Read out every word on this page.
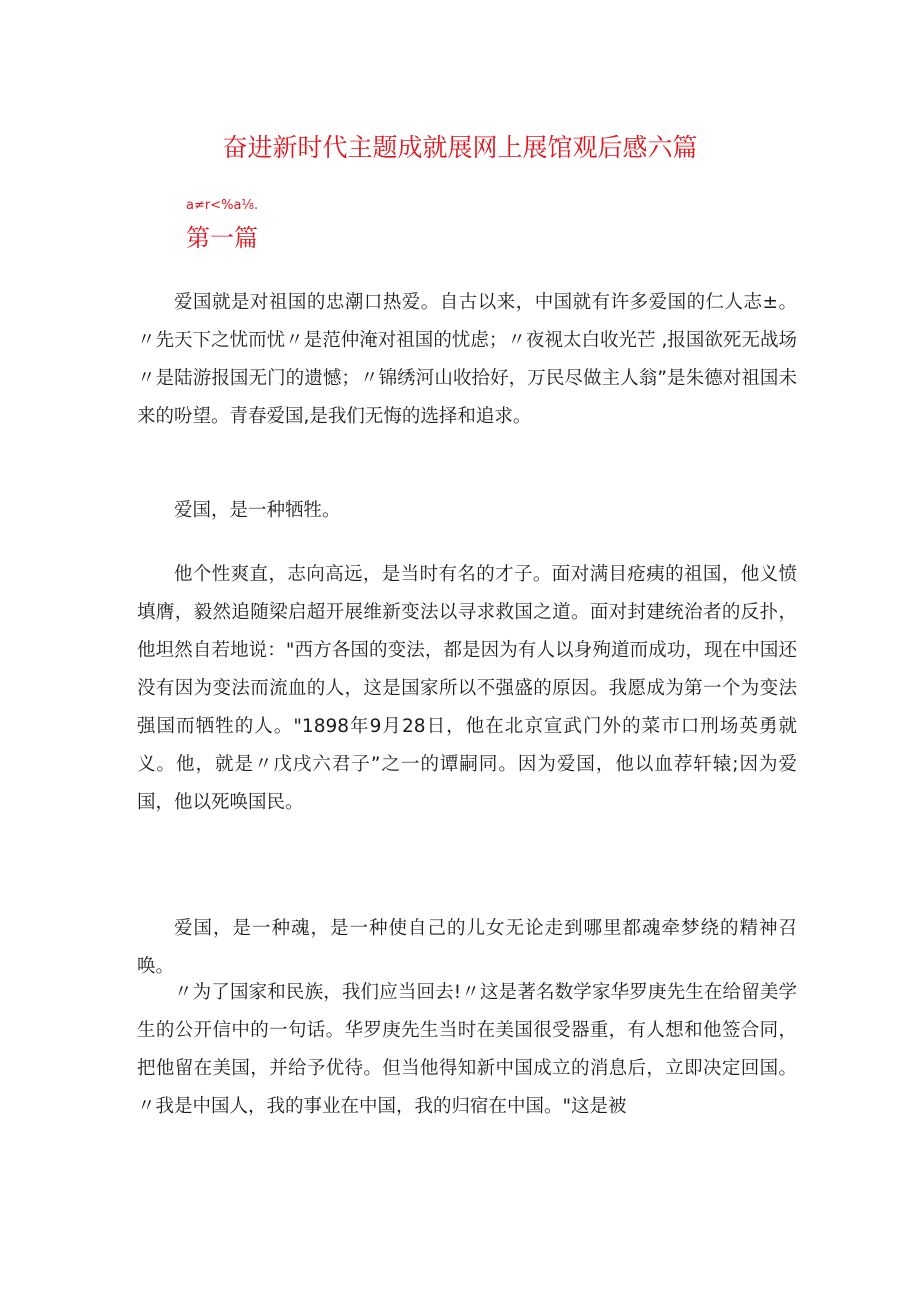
奋进新时代主题成就展网上展馆观后感六篇

a≠r<%a⅛.

第一篇

爱国就是对祖国的忠潮口热爱。自古以来，中国就有许多爱国的仁人志±。〃先天下之忧而忧〃是范仲淹对祖国的忧虑；〃夜视太白收光芒 ,报国欲死无战场〃是陆游报国无门的遗憾；〃锦绣河山收拾好，万民尽做主人翁”是朱德对祖国未来的吩望。青春爱国,是我们无悔的选择和追求。

爱国，是一种牺牲。

他个性爽直，志向高远，是当时有名的才子。面对满目疮痍的祖国，他义愤填膺，毅然追随梁启超开展维新变法以寻求救国之道。面对封建统治者的反扑，他坦然自若地说："西方各国的变法，都是因为有人以身殉道而成功，现在中国还没有因为变法而流血的人，这是国家所以不强盛的原因。我愿成为第一个为变法强国而牺牲的人。"1898年9月28日，他在北京宣武门外的菜市口刑场英勇就义。他，就是〃戊戌六君子”之一的谭嗣同。因为爱国，他以血荐轩辕;因为爱国，他以死唤国民。

爱国，是一种魂，是一种使自己的儿女无论走到哪里都魂牵梦绕的精神召唤。

〃为了国家和民族，我们应当回去!〃这是著名数学家华罗庚先生在给留美学生的公开信中的一句话。华罗庚先生当时在美国很受器重，有人想和他签合同，把他留在美国，并给予优待。但当他得知新中国成立的消息后，立即决定回国。〃我是中国人，我的事业在中国，我的归宿在中国。"这是被
